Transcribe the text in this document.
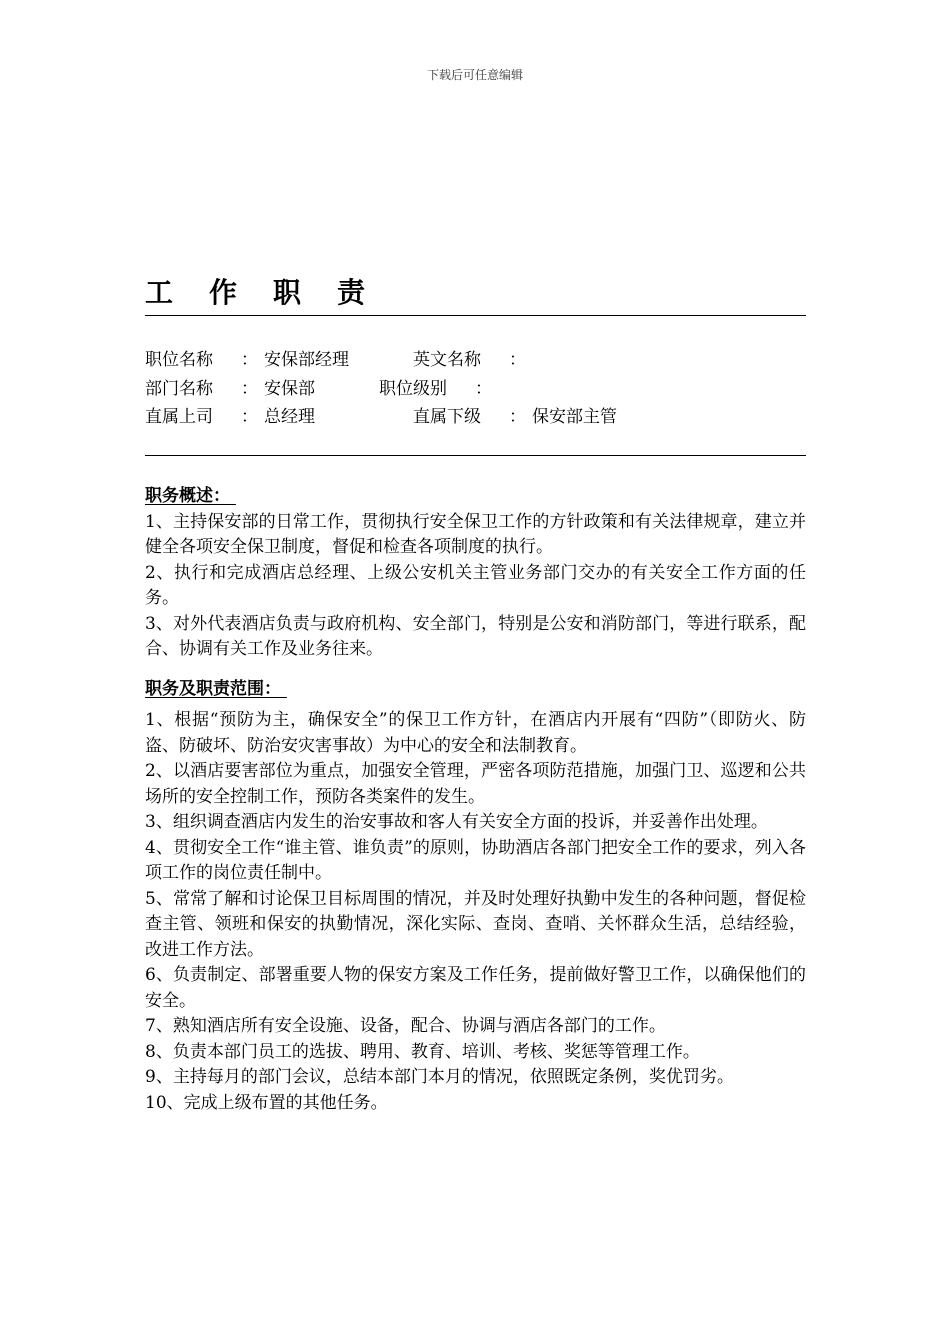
下载后可任意编辑
工作职责
职位名称 ： 安保部经理	英文名称 ：
部门名称 ： 安保部	职位级别 ：
直属上司 ： 总经理	直属下级 ： 保安部主管
职务概述：

1、主持保安部的日常工作，贯彻执行安全保卫工作的方针政策和有关法律规章，建立并健全各项安全保卫制度，督促和检查各项制度的执行。

2、执行和完成酒店总经理、上级公安机关主管业务部门交办的有关安全工作方面的任务。

3、对外代表酒店负责与政府机构、安全部门，特别是公安和消防部门，等进行联系，配合、协调有关工作及业务往来。

职务及职责范围：

1、根据“预防为主，确保安全”的保卫工作方针，在酒店内开展有“四防”（即防火、防盗、防破坏、防治安灾害事故）为中心的安全和法制教育。

2、以酒店要害部位为重点，加强安全管理，严密各项防范措施，加强门卫、巡逻和公共场所的安全控制工作，预防各类案件的发生。

3、组织调查酒店内发生的治安事故和客人有关安全方面的投诉，并妥善作出处理。

4、贯彻安全工作“谁主管、谁负责”的原则，协助酒店各部门把安全工作的要求，列入各项工作的岗位责任制中。

5、常常了解和讨论保卫目标周围的情况，并及时处理好执勤中发生的各种问题，督促检查主管、领班和保安的执勤情况，深化实际、查岗、查哨、关怀群众生活，总结经验，改进工作方法。

6、负责制定、部署重要人物的保安方案及工作任务，提前做好警卫工作，以确保他们的安全。

7、熟知酒店所有安全设施、设备，配合、协调与酒店各部门的工作。

8、负责本部门员工的选拔、聘用、教育、培训、考核、奖惩等管理工作。

9、主持每月的部门会议，总结本部门本月的情况，依照既定条例，奖优罚劣。

10、完成上级布置的其他任务。
